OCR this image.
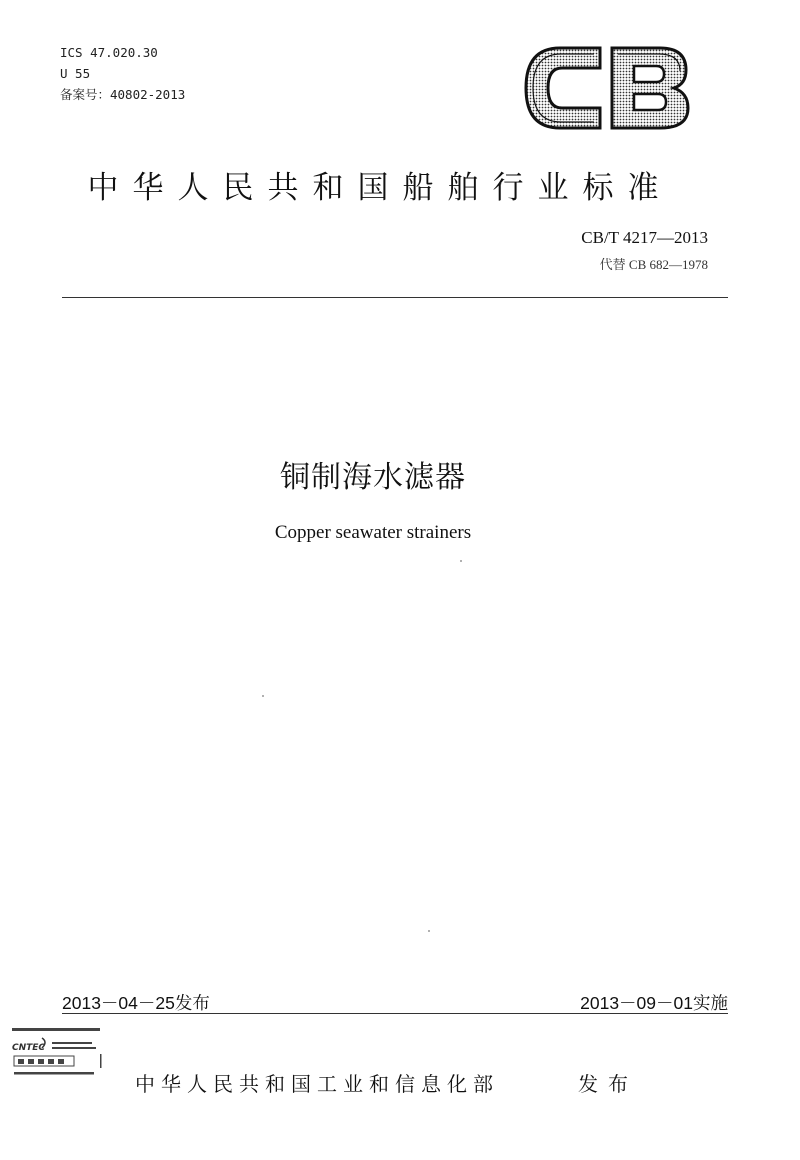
ICS 47.020.30
U 55
备案号：40802-2013
中华人民共和国船舶行业标准
CB/T 4217—2013
代替 CB 682—1978
铜制海水滤器
Copper seawater strainers
2013－04－25发布	2013－09－01实施
CNTEC
中华人民共和国工业和信息化部	发布
